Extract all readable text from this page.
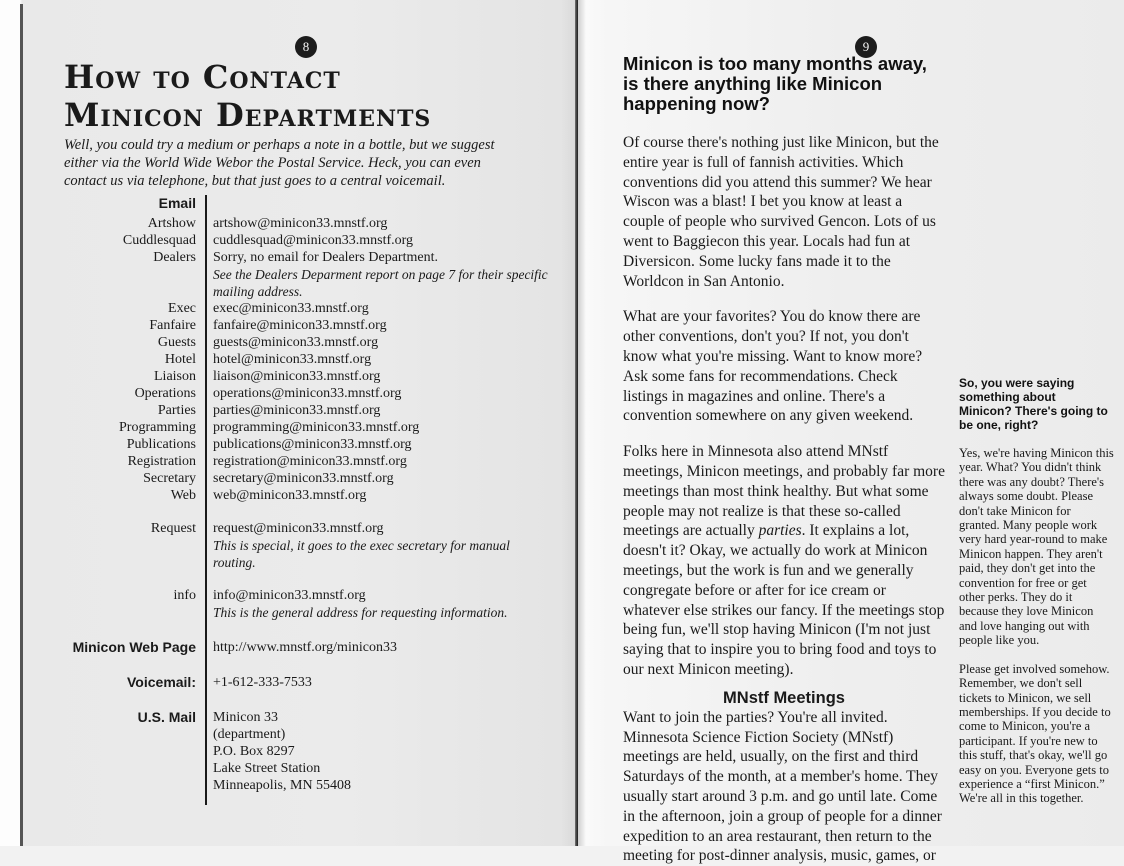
8
How to Contact
Minicon Departments

Well, you could try a medium or perhaps a note in a bottle, but we suggest either via the World Wide Webor the Postal Service. Heck, you can even contact us via telephone, but that just goes to a central voicemail.

Email
Artshow artshow@minicon33.mnstf.org
Cuddlesquad cuddlesquad@minicon33.mnstf.org
Dealers Sorry, no email for Dealers Department.
See the Dealers Deparment report on page 7 for their specific mailing address.
Exec exec@minicon33.mnstf.org
Fanfaire fanfaire@minicon33.mnstf.org
Guests guests@minicon33.mnstf.org
Hotel hotel@minicon33.mnstf.org
Liaison liaison@minicon33.mnstf.org
Operations operations@minicon33.mnstf.org
Parties parties@minicon33.mnstf.org
Programming programming@minicon33.mnstf.org
Publications publications@minicon33.mnstf.org
Registration registration@minicon33.mnstf.org
Secretary secretary@minicon33.mnstf.org
Web web@minicon33.mnstf.org
Request request@minicon33.mnstf.org
This is special, it goes to the exec secretary for manual routing.
info info@minicon33.mnstf.org
This is the general address for requesting information.
Minicon Web Page http://www.mnstf.org/minicon33
Voicemail: +1-612-333-7533
U.S. Mail Minicon 33
(department)
P.O. Box 8297
Lake Street Station
Minneapolis, MN 55408
9
Minicon is too many months away, is there anything like Minicon happening now?

Of course there's nothing just like Minicon, but the entire year is full of fannish activities. Which conventions did you attend this summer? We hear Wiscon was a blast! I bet you know at least a couple of people who survived Gencon. Lots of us went to Baggiecon this year. Locals had fun at Diversicon. Some lucky fans made it to the Worldcon in San Antonio.

What are your favorites? You do know there are other conventions, don't you? If not, you don't know what you're missing. Want to know more? Ask some fans for recommendations. Check listings in magazines and online. There's a convention somewhere on any given weekend.

Folks here in Minnesota also attend MNstf meetings, Minicon meetings, and probably far more meetings than most think healthy. But what some people may not realize is that these so-called meetings are actually parties. It explains a lot, doesn't it? Okay, we actually do work at Minicon meetings, but the work is fun and we generally congregate before or after for ice cream or whatever else strikes our fancy. If the meetings stop being fun, we'll stop having Minicon (I'm not just saying that to inspire you to bring food and toys to our next Minicon meeting).

MNstf Meetings

Want to join the parties? You're all invited. Minnesota Science Fiction Society (MNstf) meetings are held, usually, on the first and third Saturdays of the month, at a member's home. They usually start around 3 p.m. and go until late. Come in the afternoon, join a group of people for a dinner expedition to an area restaurant, then return to the meeting for post-dinner analysis, music, games, or

So, you were saying something about Minicon? There's going to be one, right?

Yes, we're having Minicon this year. What? You didn't think there was any doubt? There's always some doubt. Please don't take Minicon for granted. Many people work very hard year-round to make Minicon happen. They aren't paid, they don't get into the convention for free or get other perks. They do it because they love Minicon and love hanging out with people like you.

Please get involved somehow. Remember, we don't sell tickets to Minicon, we sell memberships. If you decide to come to Minicon, you're a participant. If you're new to this stuff, that's okay, we'll go easy on you. Everyone gets to experience a “first Minicon.” We're all in this together.
